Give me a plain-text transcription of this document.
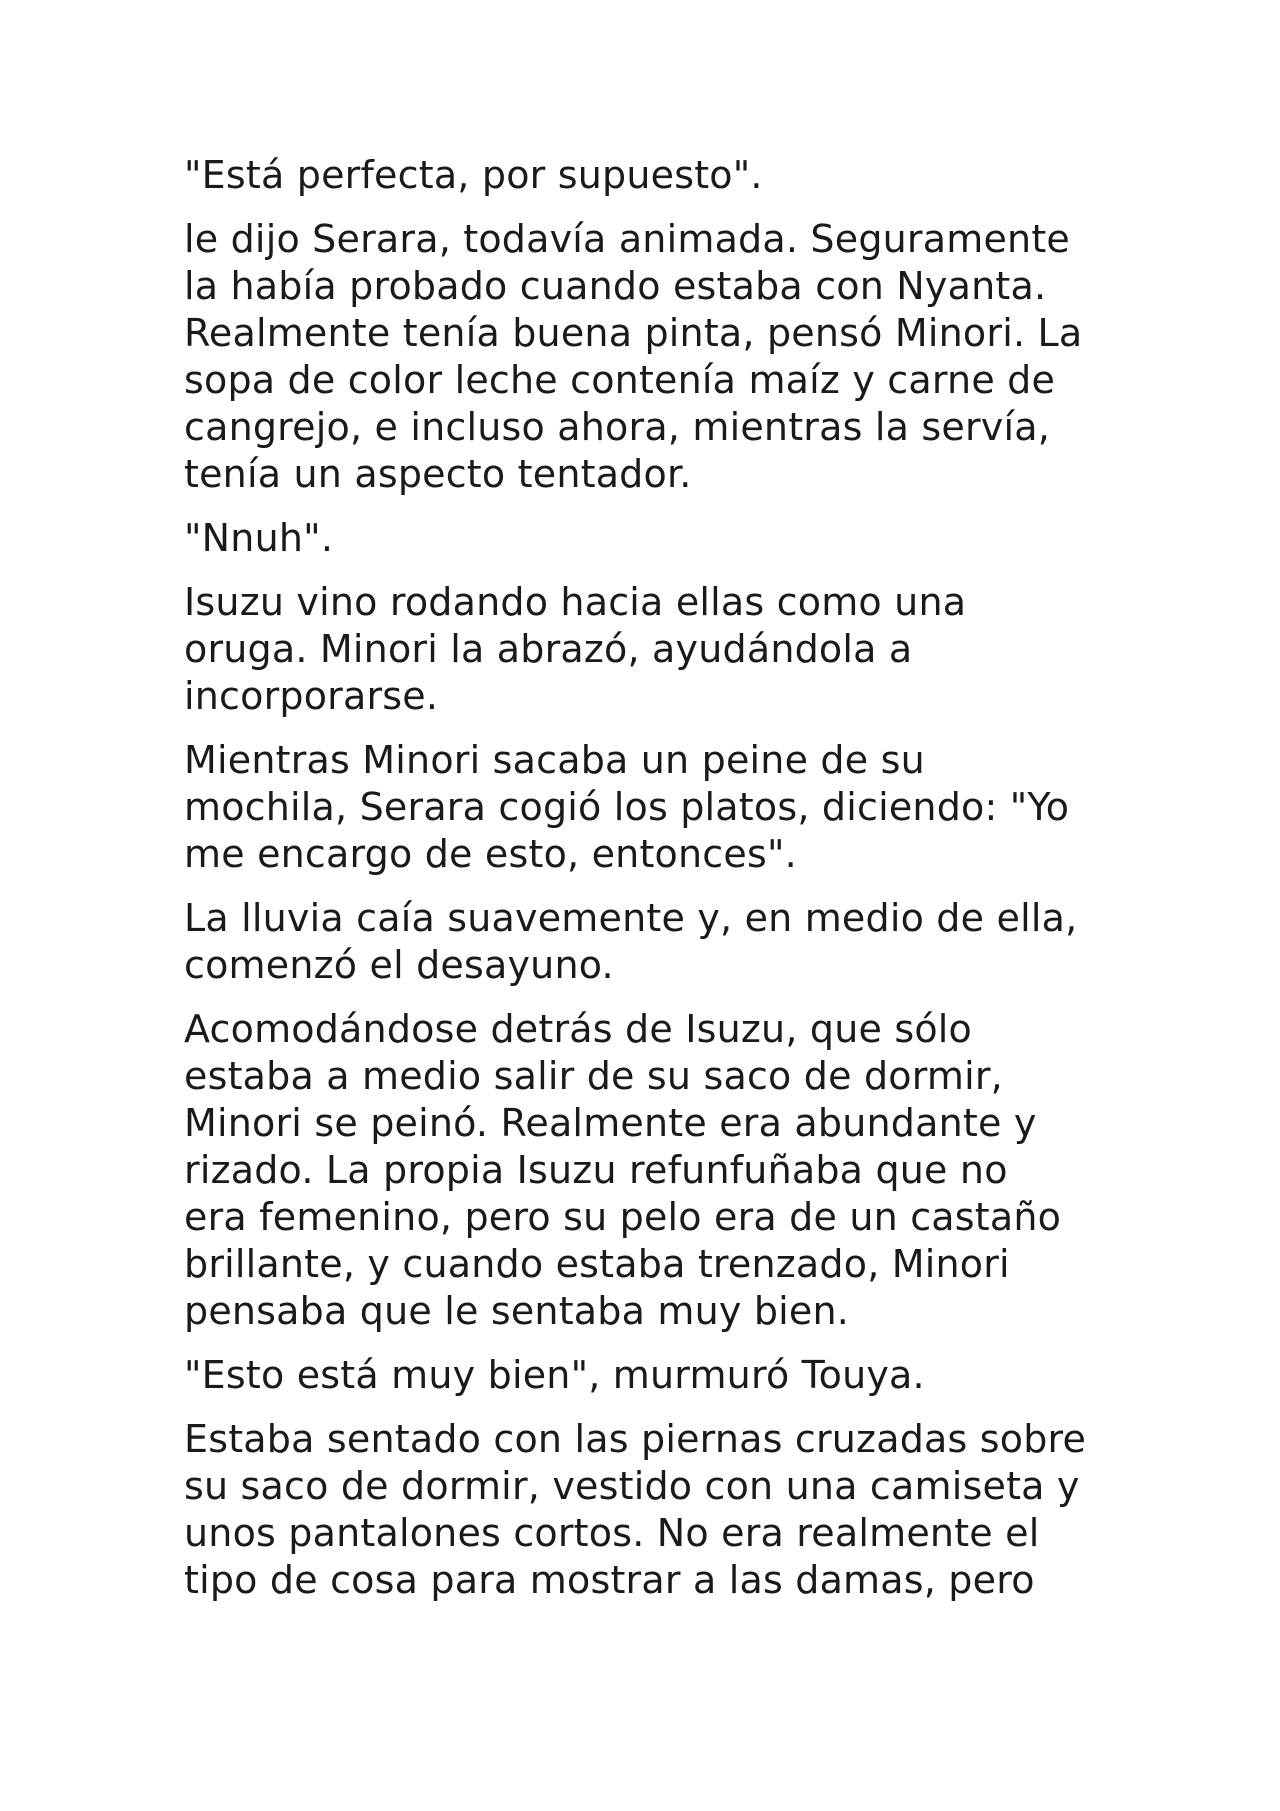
"Está perfecta, por supuesto".

le dijo Serara, todavía animada. Seguramente
la había probado cuando estaba con Nyanta.
Realmente tenía buena pinta, pensó Minori. La
sopa de color leche contenía maíz y carne de
cangrejo, e incluso ahora, mientras la servía,
tenía un aspecto tentador.

"Nnuh".

Isuzu vino rodando hacia ellas como una
oruga. Minori la abrazó, ayudándola a
incorporarse.

Mientras Minori sacaba un peine de su
mochila, Serara cogió los platos, diciendo: "Yo
me encargo de esto, entonces".

La lluvia caía suavemente y, en medio de ella,
comenzó el desayuno.

Acomodándose detrás de Isuzu, que sólo
estaba a medio salir de su saco de dormir,
Minori se peinó. Realmente era abundante y
rizado. La propia Isuzu refunfuñaba que no
era femenino, pero su pelo era de un castaño
brillante, y cuando estaba trenzado, Minori
pensaba que le sentaba muy bien.

"Esto está muy bien", murmuró Touya.

Estaba sentado con las piernas cruzadas sobre
su saco de dormir, vestido con una camiseta y
unos pantalones cortos. No era realmente el
tipo de cosa para mostrar a las damas, pero
